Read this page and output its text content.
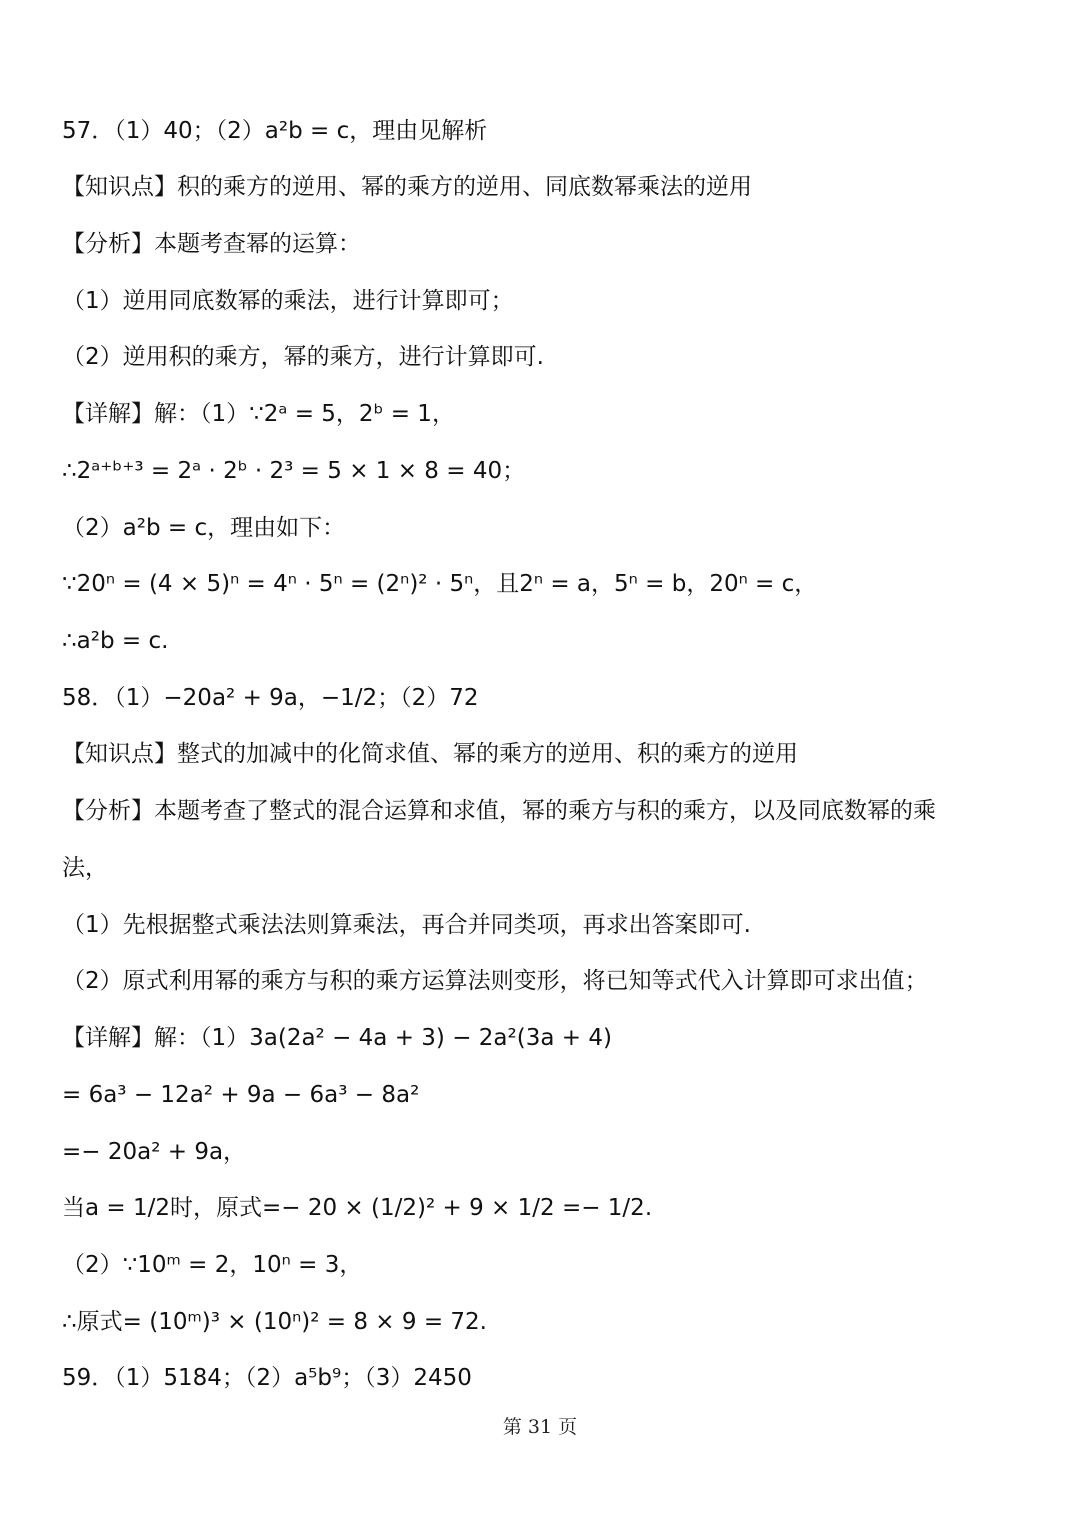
57．（1）40；（2）a²b = c，理由见解析
【知识点】积的乘方的逆用、幂的乘方的逆用、同底数幂乘法的逆用
【分析】本题考查幂的运算：
（1）逆用同底数幂的乘法，进行计算即可；
（2）逆用积的乘方，幂的乘方，进行计算即可.
【详解】解：（1）∵2ᵃ = 5，2ᵇ = 1，
∴2ᵃ⁺ᵇ⁺³ = 2ᵃ · 2ᵇ · 2³ = 5 × 1 × 8 = 40；
（2）a²b = c，理由如下：
∵20ⁿ = (4 × 5)ⁿ = 4ⁿ · 5ⁿ = (2ⁿ)² · 5ⁿ，且2ⁿ = a，5ⁿ = b，20ⁿ = c，
∴a²b = c.
58．（1）−20a² + 9a，−1/2；（2）72
【知识点】整式的加减中的化简求值、幂的乘方的逆用、积的乘方的逆用
【分析】本题考查了整式的混合运算和求值，幂的乘方与积的乘方，以及同底数幂的乘
法，
（1）先根据整式乘法法则算乘法，再合并同类项，再求出答案即可.
（2）原式利用幂的乘方与积的乘方运算法则变形，将已知等式代入计算即可求出值；
【详解】解：（1）3a(2a² − 4a + 3) − 2a²(3a + 4)
= 6a³ − 12a² + 9a − 6a³ − 8a²
=− 20a² + 9a，
当a = 1/2时，原式=− 20 × (1/2)² + 9 × 1/2 =− 1/2.
（2）∵10ᵐ = 2，10ⁿ = 3，
∴原式= (10ᵐ)³ × (10ⁿ)² = 8 × 9 = 72.
59．（1）5184；（2）a⁵b⁹；（3）2450
第 31 页
